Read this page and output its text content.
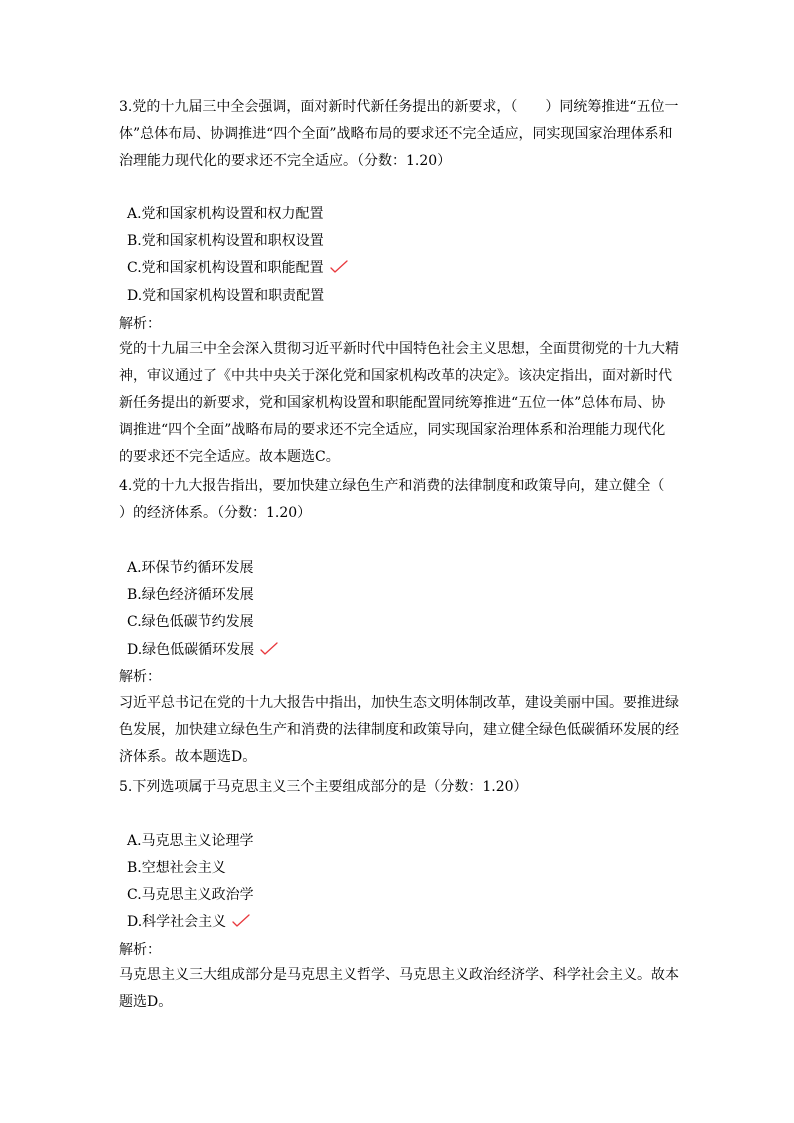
3.党的十九届三中全会强调，面对新时代新任务提出的新要求，（　　）同统筹推进“五位一体”总体布局、协调推进“四个全面”战略布局的要求还不完全适应，同实现国家治理体系和治理能力现代化的要求还不完全适应。（分数：1.20）

A.党和国家机构设置和权力配置
B.党和国家机构设置和职权设置
C.党和国家机构设置和职能配置
D.党和国家机构设置和职责配置
解析：

党的十九届三中全会深入贯彻习近平新时代中国特色社会主义思想，全面贯彻党的十九大精神，审议通过了《中共中央关于深化党和国家机构改革的决定》。该决定指出，面对新时代新任务提出的新要求，党和国家机构设置和职能配置同统筹推进“五位一体”总体布局、协调推进“四个全面”战略布局的要求还不完全适应，同实现国家治理体系和治理能力现代化的要求还不完全适应。故本题选C。

4.党的十九大报告指出，要加快建立绿色生产和消费的法律制度和政策导向，建立健全（　　）的经济体系。（分数：1.20）

A.环保节约循环发展
B.绿色经济循环发展
C.绿色低碳节约发展
D.绿色低碳循环发展
解析：

习近平总书记在党的十九大报告中指出，加快生态文明体制改革，建设美丽中国。要推进绿色发展，加快建立绿色生产和消费的法律制度和政策导向，建立健全绿色低碳循环发展的经济体系。故本题选D。

5.下列选项属于马克思主义三个主要组成部分的是（分数：1.20）

A.马克思主义论理学
B.空想社会主义
C.马克思主义政治学
D.科学社会主义
解析：

马克思主义三大组成部分是马克思主义哲学、马克思主义政治经济学、科学社会主义。故本题选D。
